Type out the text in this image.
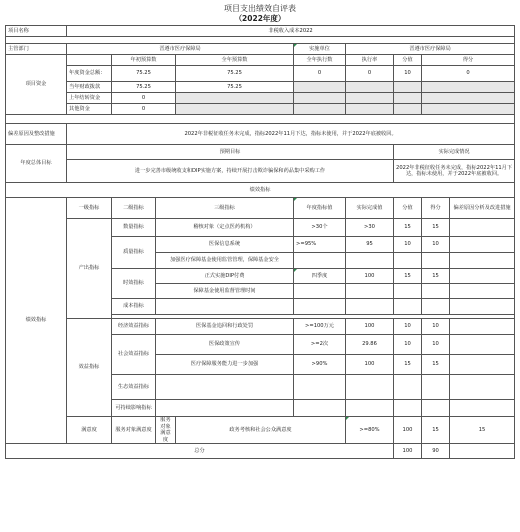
项目支出绩效自评表
（2022年度）
项目名称	非税收入成本2022									

主管部门	晋遵市医疗保障局				实施单位	晋遵市医疗保障局				
项目资金		年初预算数		全年预算数	全年执行数	执行率	分值	得分		
	年度资金总额：	75.25		75.25	0	0	10	0		
	当年财政拨款	75.25		75.25						
	上年结转资金	0								
	其他资金	0								

偏差原因及整改措施	2022年非税征收任务未完成，指标2022年11月下达，指标未使用，并于2022年底被收回。									
年度总体目标	预期目标						实际完成情况			
	进一步完善市级统收支和DIP实施方案，持续开展打击欺诈骗保和药品集中采购工作						2022年非税征收任务未完成，指标2022年11月下达，指标未使用，并于2022年底被收回。			
绩效指标										
绩效指标	一级指标	二级指标	三级指标		年度指标值	实际完成值	分值	得分	偏差原因分析及改进措施	
	产出指标	数量指标	稽核对象（定点医药机构）		>30个	>30	15	15		
		质量指标	医保信息系统		>=95%	95	10	10		
			加强医疗保障基金使用监管管理，保障基金安全							
		时效指标	正式实施DIP付费		四季度	100	15	15		
			保障基金使用监督管理时间							
		成本指标								

	效益指标	经济效益指标	医保基金追回和行政处罚		>=100万元	100	10	10		
		社会效益指标	医保政策宣传		>=2次	29.86	10	10		
			医疗保障服务能力进一步加强		>90%	100	15	15		
		生态效益指标								
		可持续影响指标								
	满意度	服务对象满意度	服务对象满意度	政务考核和社会公众满意度		>=80%	100	15	15	
总分							100	90		
